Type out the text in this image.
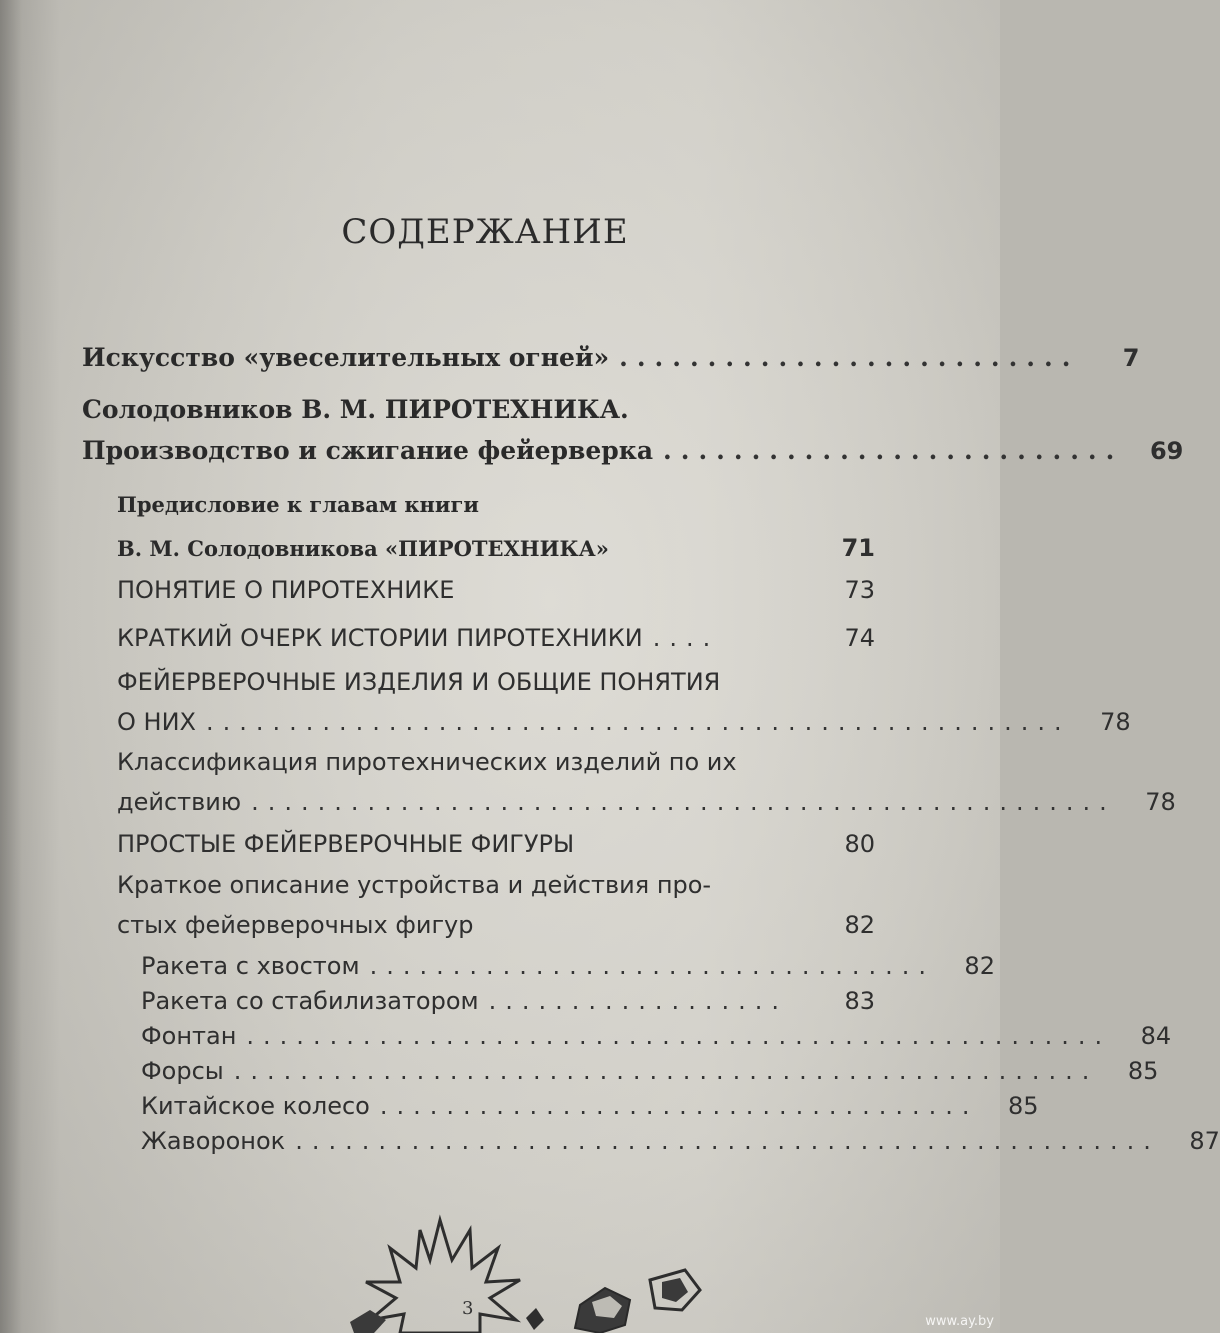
СОДЕРЖАНИЕ
Искусство «увеселительных огней» ..........................	7
Солодовников В. М. ПИРОТЕХНИКА.
Производство и сжигание фейерверка ..........................	69
Предисловие к главам книги
В. М. Солодовникова «ПИРОТЕХНИКА»	71
ПОНЯТИЕ О ПИРОТЕХНИКЕ	73
КРАТКИЙ ОЧЕРК ИСТОРИИ ПИРОТЕХНИКИ ....	74
ФЕЙЕРВЕРОЧНЫЕ ИЗДЕЛИЯ И ОБЩИЕ ПОНЯТИЯ
О НИХ ....................................................	78
Классификация пиротехнических изделий по их
действию ....................................................	78
ПРОСТЫЕ ФЕЙЕРВЕРОЧНЫЕ ФИГУРЫ	80
Краткое описание устройства и действия про-
стых фейерверочных фигур	82
Ракета с хвостом ..................................	82
Ракета со стабилизатором ..................	83
Фонтан ....................................................	84
Форсы ....................................................	85
Китайское колесо ....................................	85
Жаворонок ....................................................	87
3
www.ay.by
